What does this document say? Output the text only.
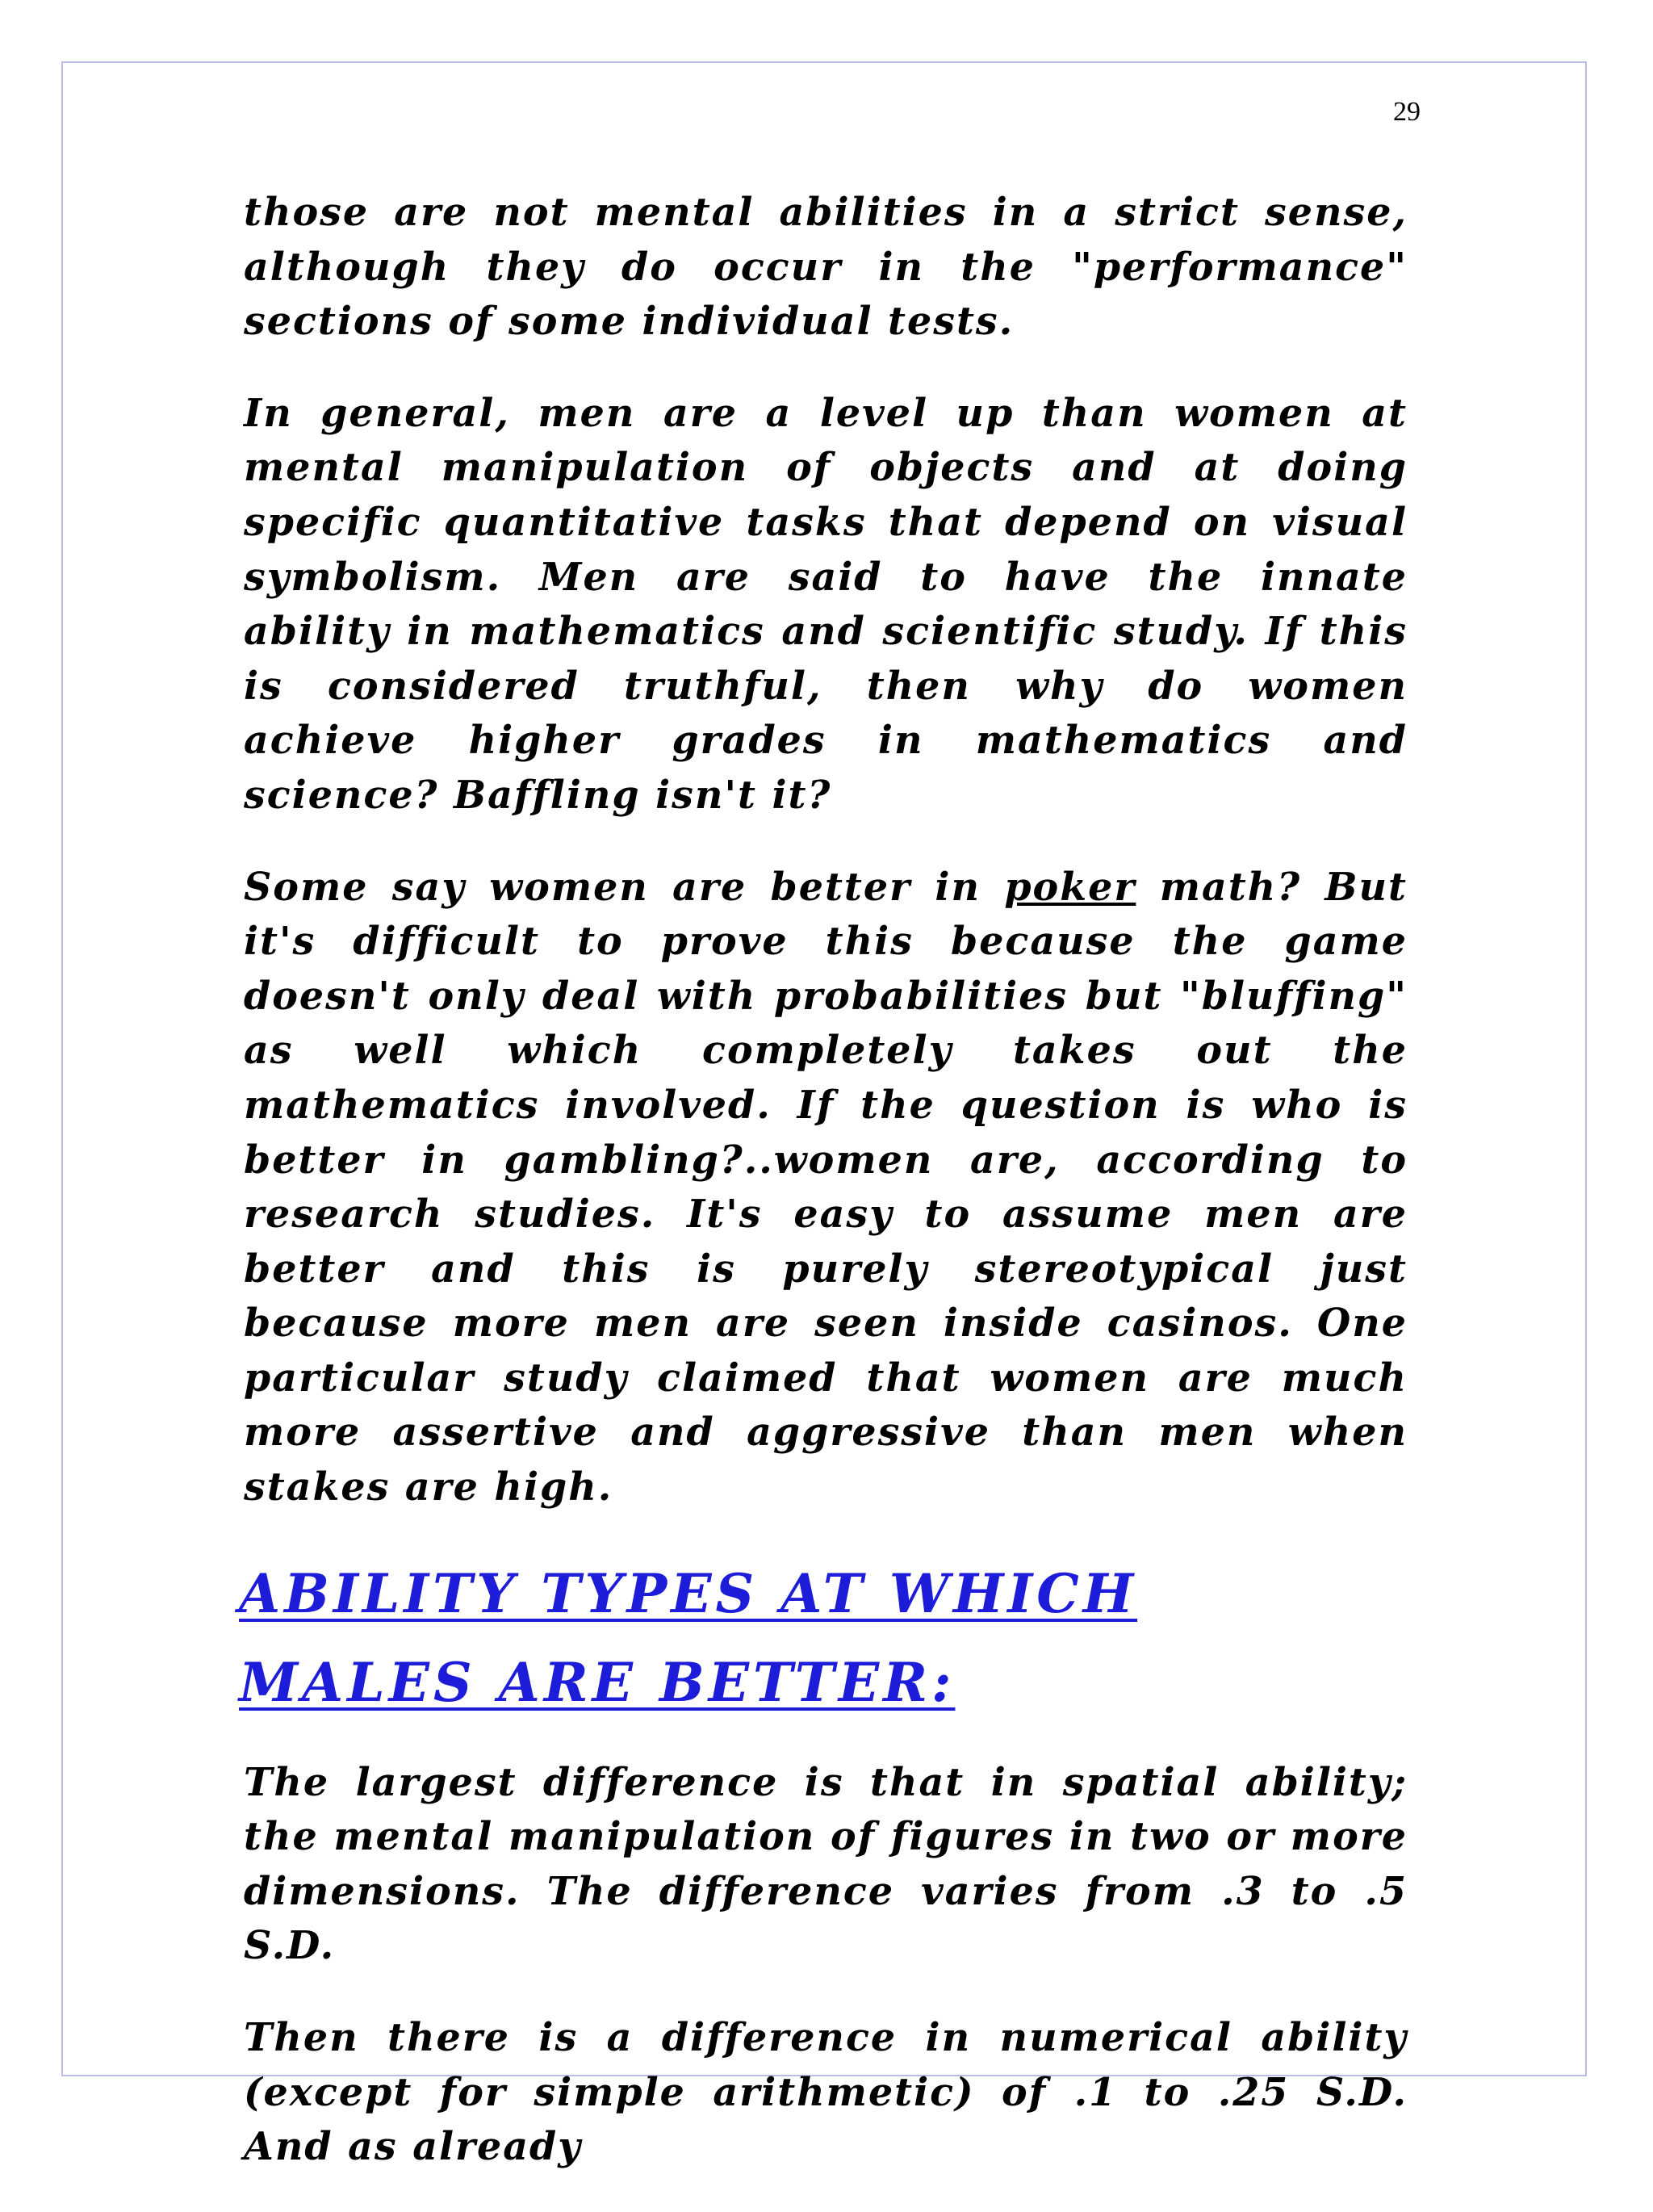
29

those are not mental abilities in a strict sense, although they do occur in the "performance" sections of some individual tests.

In general, men are a level up than women at mental manipulation of objects and at doing specific quantitative tasks that depend on visual symbolism. Men are said to have the innate ability in mathematics and scientific study. If this is considered truthful, then why do women achieve higher grades in mathematics and science? Baffling isn't it?

Some say women are better in poker math? But it's difficult to prove this because the game doesn't only deal with probabilities but "bluffing" as well which completely takes out the mathematics involved. If the question is who is better in gambling?..women are, according to research studies. It's easy to assume men are better and this is purely stereotypical just because more men are seen inside casinos. One particular study claimed that women are much more assertive and aggressive than men when stakes are high.

ABILITY TYPES AT WHICH
MALES ARE BETTER:

The largest difference is that in spatial ability; the mental manipulation of figures in two or more dimensions. The difference varies from .3 to .5 S.D.

Then there is a difference in numerical ability (except for simple arithmetic) of .1 to .25 S.D. And as already
